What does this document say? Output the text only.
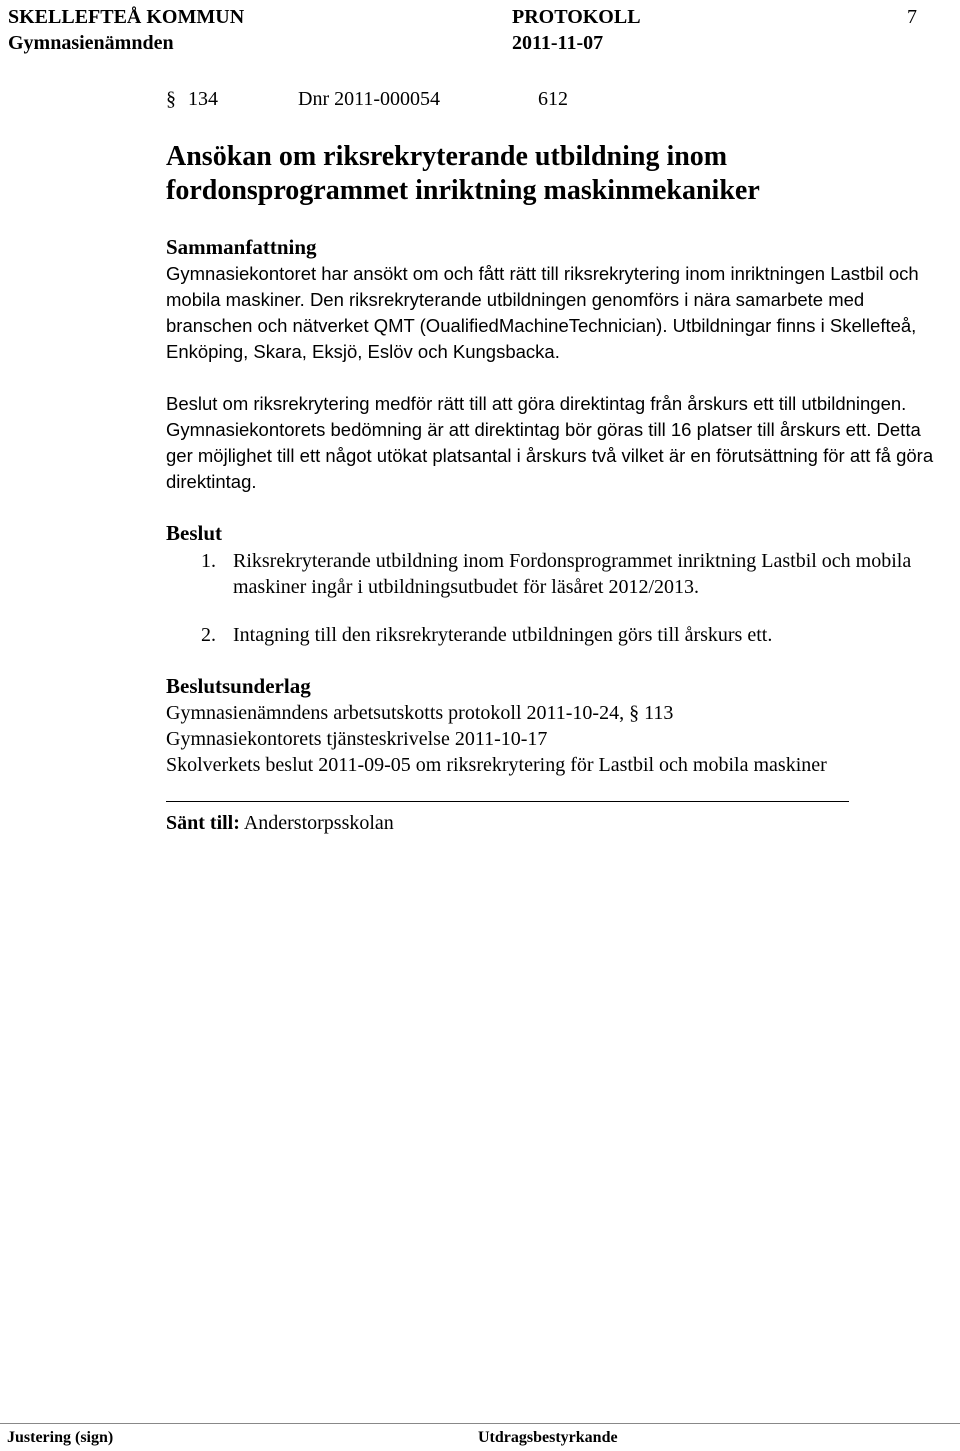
SKELLEFTEÅ KOMMUN
Gymnasienämnden
PROTOKOLL
2011-11-07
7
§ 134	Dnr 2011-000054	612
Ansökan om riksrekryterande utbildning inom fordonsprogrammet inriktning maskinmekaniker
Sammanfattning
Gymnasiekontoret har ansökt om och fått rätt till riksrekrytering inom inriktningen Lastbil och mobila maskiner. Den riksrekryterande utbildningen genomförs i nära samarbete med branschen och nätverket QMT (OualifiedMachineTechnician). Utbildningar finns i Skellefteå, Enköping, Skara, Eksjö, Eslöv och Kungsbacka.
Beslut om riksrekrytering medför rätt till att göra direktintag från årskurs ett till utbildningen. Gymnasiekontorets bedömning är att direktintag bör göras till 16 platser till årskurs ett. Detta ger möjlighet till ett något utökat platsantal i årskurs två vilket är en förutsättning för att få göra direktintag.
Beslut
1. Riksrekryterande utbildning inom Fordonsprogrammet inriktning Lastbil och mobila maskiner ingår i utbildningsutbudet för läsåret 2012/2013.
2. Intagning till den riksrekryterande utbildningen görs till årskurs ett.
Beslutsunderlag
Gymnasienämndens arbetsutskotts protokoll 2011-10-24, § 113
Gymnasiekontorets tjänsteskrivelse 2011-10-17
Skolverkets beslut 2011-09-05 om riksrekrytering för Lastbil och mobila maskiner
Sänt till: Anderstorpsskolan
Justering (sign)	Utdragsbestyrkande
